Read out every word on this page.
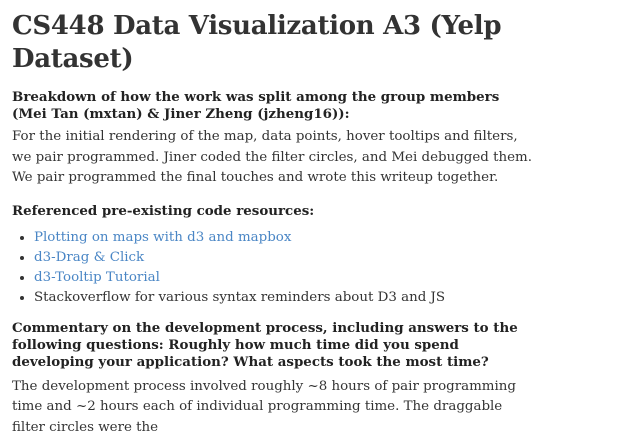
CS448 Data Visualization A3 (Yelp Dataset)

Breakdown of how the work was split among the group members (Mei Tan (mxtan) & Jiner Zheng (jzheng16)):

For the initial rendering of the map, data points, hover tooltips and filters, we pair programmed. Jiner coded the filter circles, and Mei debugged them. We pair programmed the final touches and wrote this writeup together.

Referenced pre-existing code resources:

• Plotting on maps with d3 and mapbox
• d3-Drag & Click
• d3-Tooltip Tutorial
• Stackoverflow for various syntax reminders about D3 and JS

Commentary on the development process, including answers to the following questions: Roughly how much time did you spend developing your application? What aspects took the most time?

The development process involved roughly ~8 hours of pair programming time and ~2 hours each of individual programming time. The draggable filter circles were the
